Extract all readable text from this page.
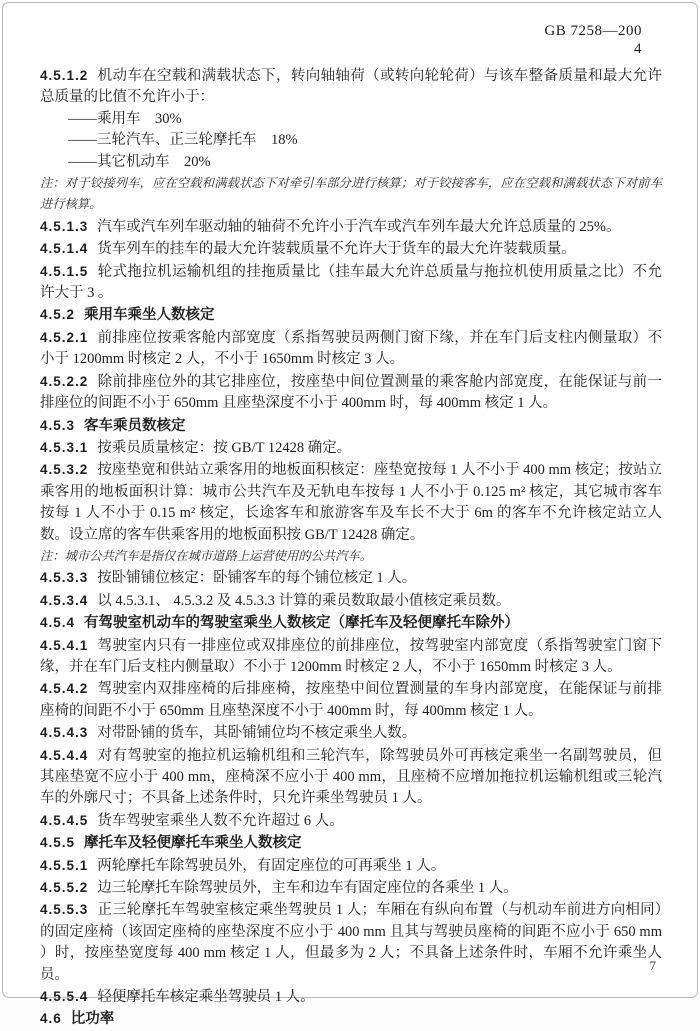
GB 7258—200
4

4.5.1.2 机动车在空载和满载状态下，转向轴轴荷（或转向轮轮荷）与该车整备质量和最大允许总质量的比值不允许小于：

——乘用车　30%

——三轮汽车、正三轮摩托车　18%

——其它机动车　20%

注：对于铰接列车，应在空载和满载状态下对牵引车部分进行核算；对于铰接客车，应在空载和满载状态下对前车进行核算。

4.5.1.3 汽车或汽车列车驱动轴的轴荷不允许小于汽车或汽车列车最大允许总质量的 25%。

4.5.1.4 货车列车的挂车的最大允许装载质量不允许大于货车的最大允许装载质量。

4.5.1.5 轮式拖拉机运输机组的挂拖质量比（挂车最大允许总质量与拖拉机使用质量之比）不允许大于 3 。

4.5.2 乘用车乘坐人数核定

4.5.2.1 前排座位按乘客舱内部宽度（系指驾驶员两侧门窗下缘，并在车门后支柱内侧量取）不小于 1200mm 时核定 2 人，不小于 1650mm 时核定 3 人。

4.5.2.2 除前排座位外的其它排座位，按座垫中间位置测量的乘客舱内部宽度，在能保证与前一排座位的间距不小于 650mm 且座垫深度不小于 400mm 时，每 400mm 核定 1 人。

4.5.3 客车乘员数核定

4.5.3.1 按乘员质量核定：按 GB/T 12428 确定。

4.5.3.2 按座垫宽和供站立乘客用的地板面积核定：座垫宽按每 1 人不小于 400 mm 核定；按站立乘客用的地板面积计算：城市公共汽车及无轨电车按每 1 人不小于 0.125 m² 核定，其它城市客车按每 1 人不小于 0.15 m² 核定，长途客车和旅游客车及车长不大于 6m 的客车不允许核定站立人数。设立席的客车供乘客用的地板面积按 GB/T 12428 确定。

注：城市公共汽车是指仅在城市道路上运营使用的公共汽车。

4.5.3.3 按卧铺铺位核定：卧铺客车的每个铺位核定 1 人。

4.5.3.4 以 4.5.3.1、 4.5.3.2 及 4.5.3.3 计算的乘员数取最小值核定乘员数。

4.5.4 有驾驶室机动车的驾驶室乘坐人数核定（摩托车及轻便摩托车除外）

4.5.4.1 驾驶室内只有一排座位或双排座位的前排座位，按驾驶室内部宽度（系指驾驶室门窗下缘，并在车门后支柱内侧量取）不小于 1200mm 时核定 2 人，不小于 1650mm 时核定 3 人。

4.5.4.2 驾驶室内双排座椅的后排座椅，按座垫中间位置测量的车身内部宽度，在能保证与前排座椅的间距不小于 650mm 且座垫深度不小于 400mm 时，每 400mm 核定 1 人。

4.5.4.3 对带卧铺的货车，其卧铺铺位均不核定乘坐人数。

4.5.4.4 对有驾驶室的拖拉机运输机组和三轮汽车，除驾驶员外可再核定乘坐一名副驾驶员，但其座垫宽不应小于 400 mm，座椅深不应小于 400 mm，且座椅不应增加拖拉机运输机组或三轮汽车的外廓尺寸；不具备上述条件时，只允许乘坐驾驶员 1 人。

4.5.4.5 货车驾驶室乘坐人数不允许超过 6 人。

4.5.5 摩托车及轻便摩托车乘坐人数核定

4.5.5.1 两轮摩托车除驾驶员外，有固定座位的可再乘坐 1 人。

4.5.5.2 边三轮摩托车除驾驶员外，主车和边车有固定座位的各乘坐 1 人。

4.5.5.3 正三轮摩托车驾驶室核定乘坐驾驶员 1 人；车厢在有纵向布置（与机动车前进方向相同）的固定座椅（该固定座椅的座垫深度不应小于 400 mm 且其与驾驶员座椅的间距不应小于 650 mm ）时，按座垫宽度每 400 mm 核定 1 人，但最多为 2 人；不具备上述条件时，车厢不允许乘坐人员。

4.5.5.4 轻便摩托车核定乘坐驾驶员 1 人。

4.6 比功率

7
